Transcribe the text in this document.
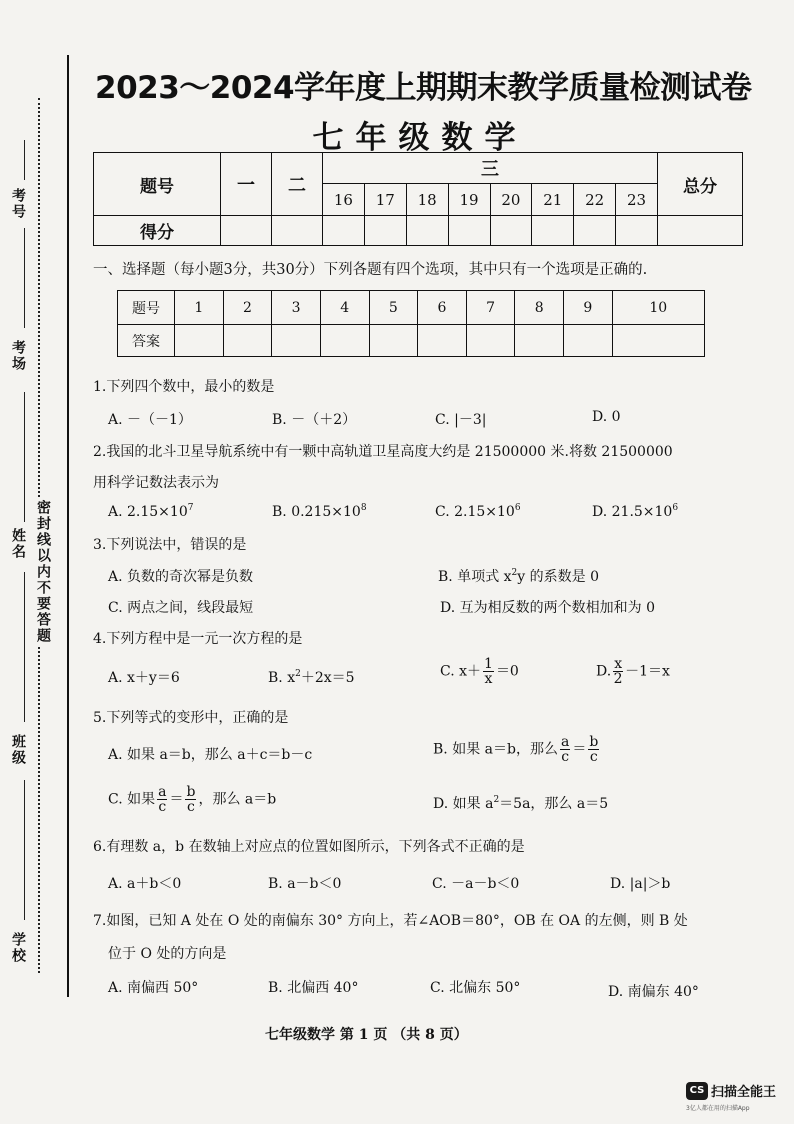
考号
考场
姓名
班级
学校
密封线以内不要答题
2023～2024学年度上期期末教学质量检测试卷
七年级数学
题号	一	二	三								总分
			16	17	18	19	20	21	22	23	
得分											
一、选择题（每小题3分，共30分）下列各题有四个选项，其中只有一个选项是正确的.
题号	1	2	3	4	5	6	7	8	9	10
答案										
1.下列四个数中，最小的数是
A. －（－1）	B. －（＋2）	C. |－3|	D. 0
2.我国的北斗卫星导航系统中有一颗中高轨道卫星高度大约是 21500000 米.将数 21500000
用科学记数法表示为
A. $2.15\times 10^7$	B. $0.215\times 10^8$	C. $2.15\times 10^6$	D. $21.5\times 10^6$
3.下列说法中，错误的是
A. 负数的奇次幂是负数	B. 单项式 $x^2y$ 的系数是 0
C. 两点之间，线段最短	D. 互为相反数的两个数相加和为 0
4.下列方程中是一元一次方程的是
A. x＋y＝6	B. $x^2+2x=5$	C. $x+ \frac{1}{x} =0$	D. $\frac{x}{2} -1=x$
5.下列等式的变形中，正确的是
A. 如果 a＝b，那么 a＋c＝b－c	B. 如果 a＝b，那么 $\frac{a}{c} = \frac{b}{c}$
C. 如果 $\frac{a}{c} = \frac{b}{c}$ ，那么 a＝b	D. 如果 $a^2=5a$，那么 a＝5
6.有理数 a，b 在数轴上对应点的位置如图所示，下列各式不正确的是
A. a＋b＜0	B. a－b＜0	C. －a－b＜0	D. |a|＞b
7.如图，已知 A 处在 O 处的南偏东 30° 方向上，若∠AOB＝80°，OB 在 OA 的左侧，则 B 处
位于 O 处的方向是
A. 南偏西 50°	B. 北偏西 40°	C. 北偏东 50°	D. 南偏东 40°
七年级数学 第 1 页 （共 8 页）
CS 扫描全能王
3亿人都在用的扫描App
